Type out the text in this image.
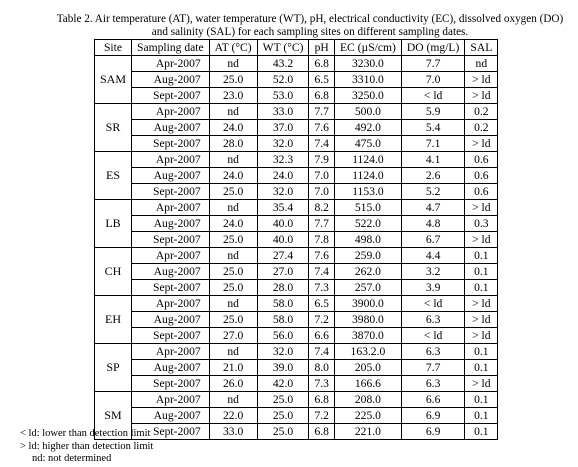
Table 2. Air temperature (AT), water temperature (WT), pH, electrical conductivity (EC), dissolved oxygen (DO)
and salinity (SAL) for each sampling sites on different sampling dates.
Site	Sampling date	AT (°C)	WT (°C)	pH	EC (µS/cm)	DO (mg/L)	SAL
SAM	Apr-2007	nd	43.2	6.8	3230.0	7.7	nd
	Aug-2007	25.0	52.0	6.5	3310.0	7.0	> ld
	Sept-2007	23.0	53.0	6.8	3250.0	< ld	> ld
SR	Apr-2007	nd	33.0	7.7	500.0	5.9	0.2
	Aug-2007	24.0	37.0	7.6	492.0	5.4	0.2
	Sept-2007	28.0	32.0	7.4	475.0	7.1	> ld
ES	Apr-2007	nd	32.3	7.9	1124.0	4.1	0.6
	Aug-2007	24.0	24.0	7.0	1124.0	2.6	0.6
	Sept-2007	25.0	32.0	7.0	1153.0	5.2	0.6
LB	Apr-2007	nd	35.4	8.2	515.0	4.7	> ld
	Aug-2007	24.0	40.0	7.7	522.0	4.8	0.3
	Sept-2007	25.0	40.0	7.8	498.0	6.7	> ld
CH	Apr-2007	nd	27.4	7.6	259.0	4.4	0.1
	Aug-2007	25.0	27.0	7.4	262.0	3.2	0.1
	Sept-2007	25.0	28.0	7.3	257.0	3.9	0.1
EH	Apr-2007	nd	58.0	6.5	3900.0	< ld	> ld
	Aug-2007	25.0	58.0	7.2	3980.0	6.3	> ld
	Sept-2007	27.0	56.0	6.6	3870.0	< ld	> ld
SP	Apr-2007	nd	32.0	7.4	163.2.0	6.3	0.1
	Aug-2007	21.0	39.0	8.0	205.0	7.7	0.1
	Sept-2007	26.0	42.0	7.3	166.6	6.3	> ld
SM	Apr-2007	nd	25.0	6.8	208.0	6.6	0.1
	Aug-2007	22.0	25.0	7.2	225.0	6.9	0.1
	Sept-2007	33.0	25.0	6.8	221.0	6.9	0.1
< ld: lower than detection limit
> ld: higher than detection limit
nd: not determined
